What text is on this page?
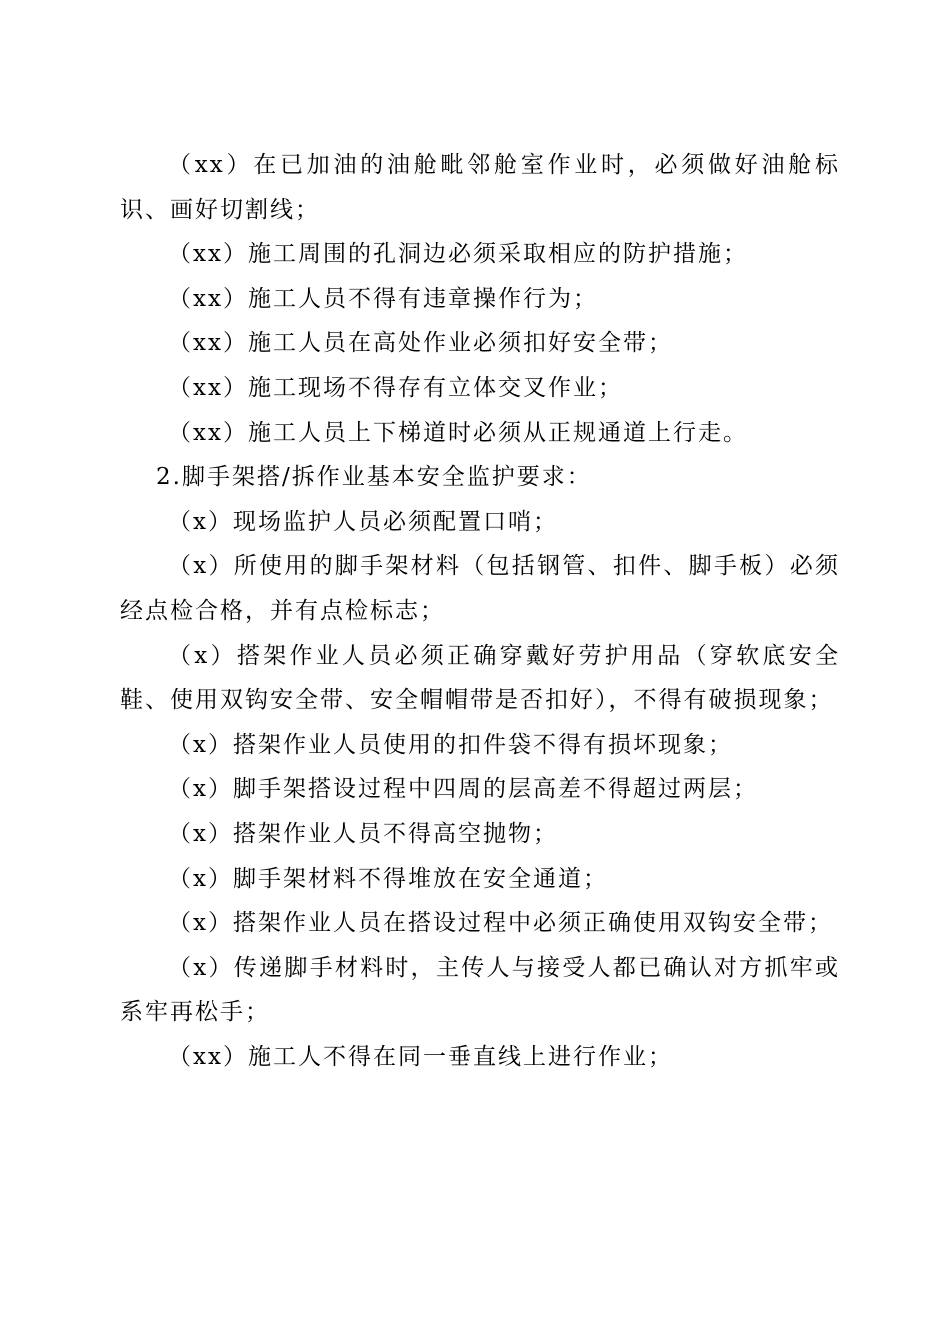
（xx）在已加油的油舱毗邻舱室作业时，必须做好油舱标识、画好切割线；

（xx）施工周围的孔洞边必须采取相应的防护措施；

（xx）施工人员不得有违章操作行为；

（xx）施工人员在高处作业必须扣好安全带；

（xx）施工现场不得存有立体交叉作业；

（xx）施工人员上下梯道时必须从正规通道上行走。

2.脚手架搭/拆作业基本安全监护要求：

（x）现场监护人员必须配置口哨；

（x）所使用的脚手架材料（包括钢管、扣件、脚手板）必须经点检合格，并有点检标志；

（x）搭架作业人员必须正确穿戴好劳护用品（穿软底安全鞋、使用双钩安全带、安全帽帽带是否扣好），不得有破损现象；

（x）搭架作业人员使用的扣件袋不得有损坏现象；

（x）脚手架搭设过程中四周的层高差不得超过两层；

（x）搭架作业人员不得高空抛物；

（x）脚手架材料不得堆放在安全通道；

（x）搭架作业人员在搭设过程中必须正确使用双钩安全带；

（x）传递脚手材料时，主传人与接受人都已确认对方抓牢或系牢再松手；

（xx）施工人不得在同一垂直线上进行作业；
